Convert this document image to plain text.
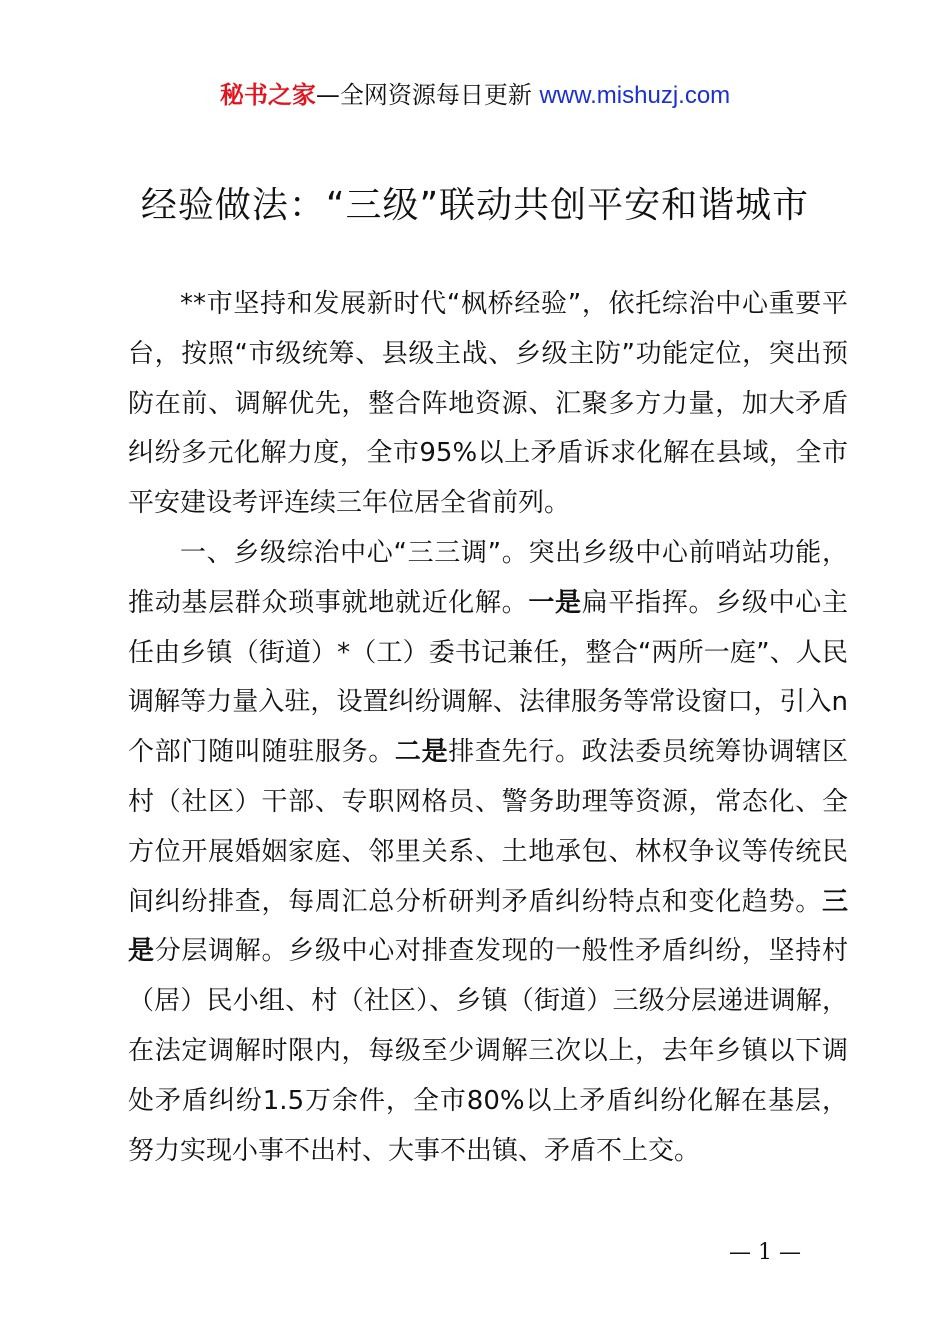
秘书之家—全网资源每日更新 www.mishuzj.com
经验做法：“三级”联动共创平安和谐城市

**市坚持和发展新时代“枫桥经验”，依托综治中心重要平台，按照“市级统筹、县级主战、乡级主防”功能定位，突出预防在前、调解优先，整合阵地资源、汇聚多方力量，加大矛盾纠纷多元化解力度，全市95%以上矛盾诉求化解在县域，全市平安建设考评连续三年位居全省前列。

一、乡级综治中心“三三调”。突出乡级中心前哨站功能，推动基层群众琐事就地就近化解。一是扁平指挥。乡级中心主任由乡镇（街道）*（工）委书记兼任，整合“两所一庭”、人民调解等力量入驻，设置纠纷调解、法律服务等常设窗口，引入n个部门随叫随驻服务。二是排查先行。政法委员统筹协调辖区村（社区）干部、专职网格员、警务助理等资源，常态化、全方位开展婚姻家庭、邻里关系、土地承包、林权争议等传统民间纠纷排查，每周汇总分析研判矛盾纠纷特点和变化趋势。三是分层调解。乡级中心对排查发现的一般性矛盾纠纷，坚持村（居）民小组、村（社区）、乡镇（街道）三级分层递进调解，在法定调解时限内，每级至少调解三次以上，去年乡镇以下调处矛盾纠纷1.5万余件，全市80%以上矛盾纠纷化解在基层，努力实现小事不出村、大事不出镇、矛盾不上交。

— 1 —
